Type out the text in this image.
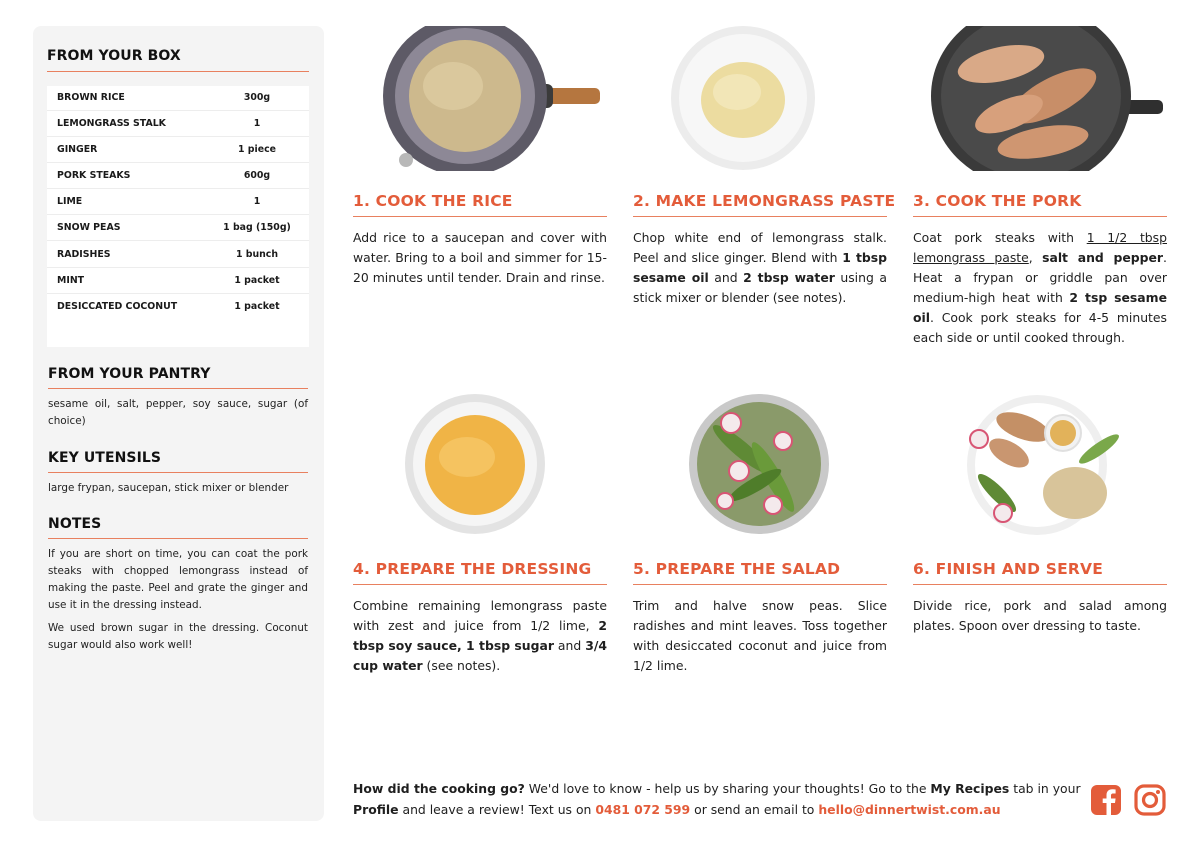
FROM YOUR BOX
BROWN RICE	300g
LEMONGRASS STALK	1
GINGER	1 piece
PORK STEAKS	600g
LIME	1
SNOW PEAS	1 bag (150g)
RADISHES	1 bunch
MINT	1 packet
DESICCATED COCONUT	1 packet
FROM YOUR PANTRY
sesame oil, salt, pepper, soy sauce, sugar (of choice)
KEY UTENSILS
large frypan, saucepan, stick mixer or blender
NOTES

If you are short on time, you can coat the pork steaks with chopped lemongrass instead of making the paste. Peel and grate the ginger and use it in the dressing instead.

We used brown sugar in the dressing. Coconut sugar would also work well!

1. COOK THE RICE
Add rice to a saucepan and cover with water. Bring to a boil and simmer for 15-20 minutes until tender. Drain and rinse.
2. MAKE LEMONGRASS PASTE
Chop white end of lemongrass stalk. Peel and slice ginger. Blend with 1 tbsp sesame oil and 2 tbsp water using a stick mixer or blender (see notes).
3. COOK THE PORK
Coat pork steaks with 1 1/2 tbsp lemongrass paste, salt and pepper. Heat a frypan or griddle pan over medium-high heat with 2 tsp sesame oil. Cook pork steaks for 4-5 minutes each side or until cooked through.
4. PREPARE THE DRESSING
Combine remaining lemongrass paste with zest and juice from 1/2 lime, 2 tbsp soy sauce, 1 tbsp sugar and 3/4 cup water (see notes).
5. PREPARE THE SALAD
Trim and halve snow peas. Slice radishes and mint leaves. Toss together with desiccated coconut and juice from 1/2 lime.
6. FINISH AND SERVE
Divide rice, pork and salad among plates. Spoon over dressing to taste.
How did the cooking go? We'd love to know - help us by sharing your thoughts! Go to the My Recipes tab in your Profile and leave a review! Text us on 0481 072 599 or send an email to hello@dinnertwist.com.au
